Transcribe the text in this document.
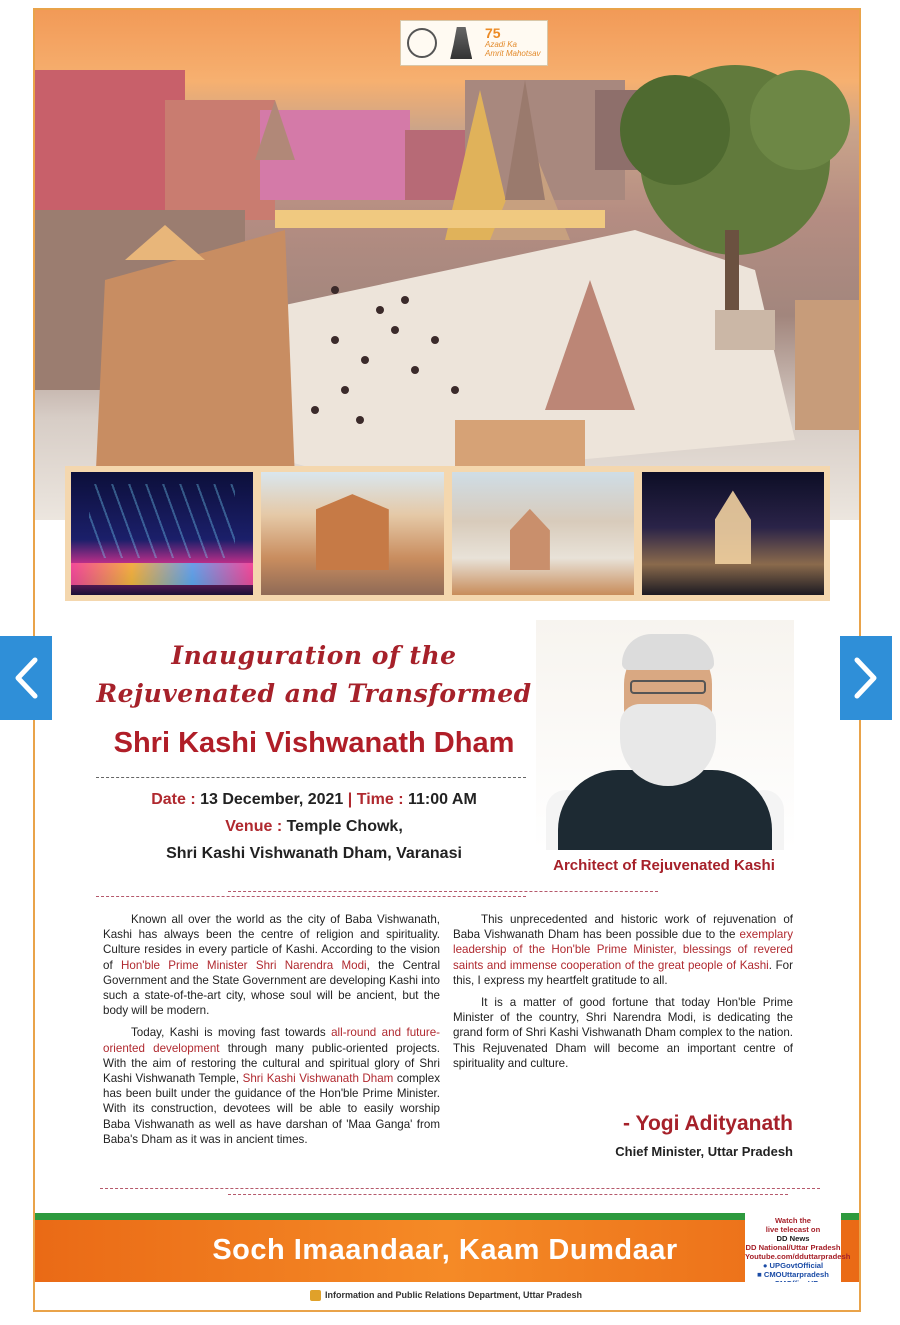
75
Azadi Ka
Amrit Mahotsav
Inauguration of the
Rejuvenated and Transformed
Shri Kashi Vishwanath Dham
Date : 13 December, 2021 | Time : 11:00 AM
Venue : Temple Chowk,
Shri Kashi Vishwanath Dham, Varanasi
Architect of Rejuvenated Kashi

Known all over the world as the city of Baba Vishwanath, Kashi has always been the centre of religion and spirituality. Culture resides in every particle of Kashi. According to the vision of Hon'ble Prime Minister Shri Narendra Modi, the Central Government and the State Government are developing Kashi into such a state-of-the-art city, whose soul will be ancient, but the body will be modern.

Today, Kashi is moving fast towards all-round and future-oriented development through many public-oriented projects. With the aim of restoring the cultural and spiritual glory of Shri Kashi Vishwanath Temple, Shri Kashi Vishwanath Dham complex has been built under the guidance of the Hon'ble Prime Minister. With its construction, devotees will be able to easily worship Baba Vishwanath as well as have darshan of 'Maa Ganga' from Baba's Dham as it was in ancient times.

This unprecedented and historic work of rejuvenation of Baba Vishwanath Dham has been possible due to the exemplary leadership of the Hon'ble Prime Minister, blessings of revered saints and immense cooperation of the great people of Kashi. For this, I express my heartfelt gratitude to all.

It is a matter of good fortune that today Hon'ble Prime Minister of the country, Shri Narendra Modi, is dedicating the grand form of Shri Kashi Vishwanath Dham complex to the nation. This Rejuvenated Dham will become an important centre of spirituality and culture.

- Yogi Adityanath
Chief Minister, Uttar Pradesh
Soch Imaandaar, Kaam Dumdaar
Watch the
live telecast on
DD News
DD National/Uttar Pradesh
Youtube.com/dduttarpradesh
● UPGovtOfficial
■ CMOUttarpradesh
Information and Public Relations Department, Uttar Pradesh
